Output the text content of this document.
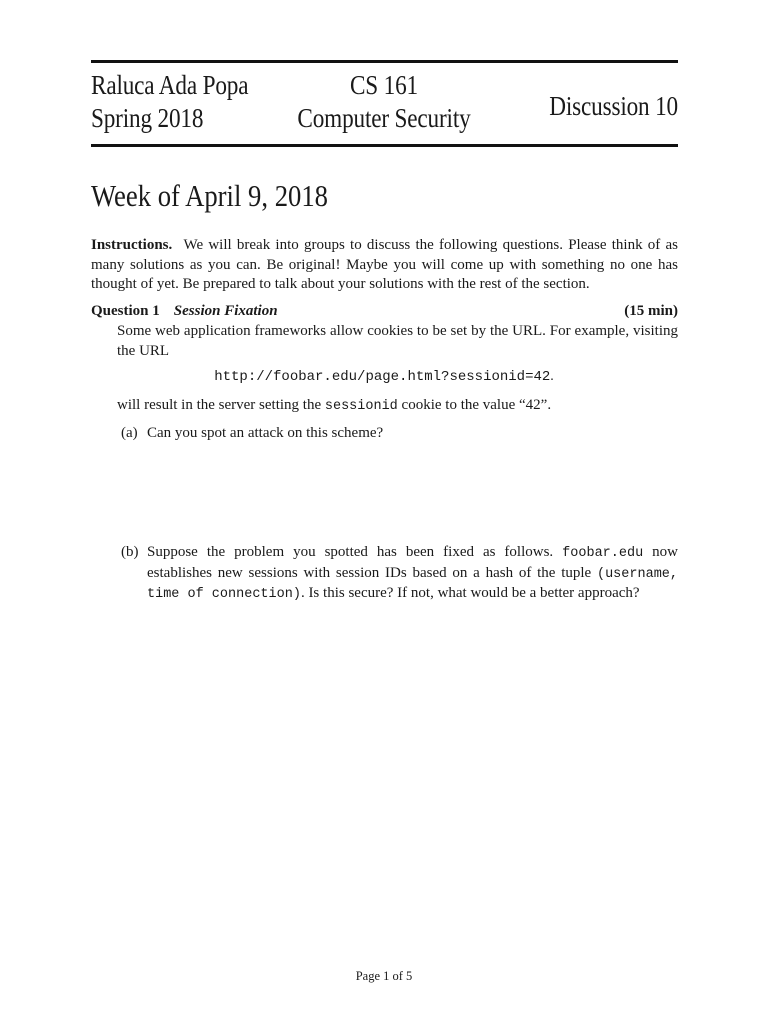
Raluca Ada Popa
Spring 2018
CS 161
Computer Security	Discussion 10
Week of April 9, 2018
Instructions. We will break into groups to discuss the following questions. Please think of as many solutions as you can. Be original! Maybe you will come up with something no one has thought of yet. Be prepared to talk about your solutions with the rest of the section.
Question 1 Session Fixation	(15 min)
Some web application frameworks allow cookies to be set by the URL. For example, visiting the URL
http://foobar.edu/page.html?sessionid=42.
will result in the server setting the sessionid cookie to the value “42”.
(a) Can you spot an attack on this scheme?
(b) Suppose the problem you spotted has been fixed as follows. foobar.edu now establishes new sessions with session IDs based on a hash of the tuple (username, time of connection). Is this secure? If not, what would be a better approach?
Page 1 of 5
